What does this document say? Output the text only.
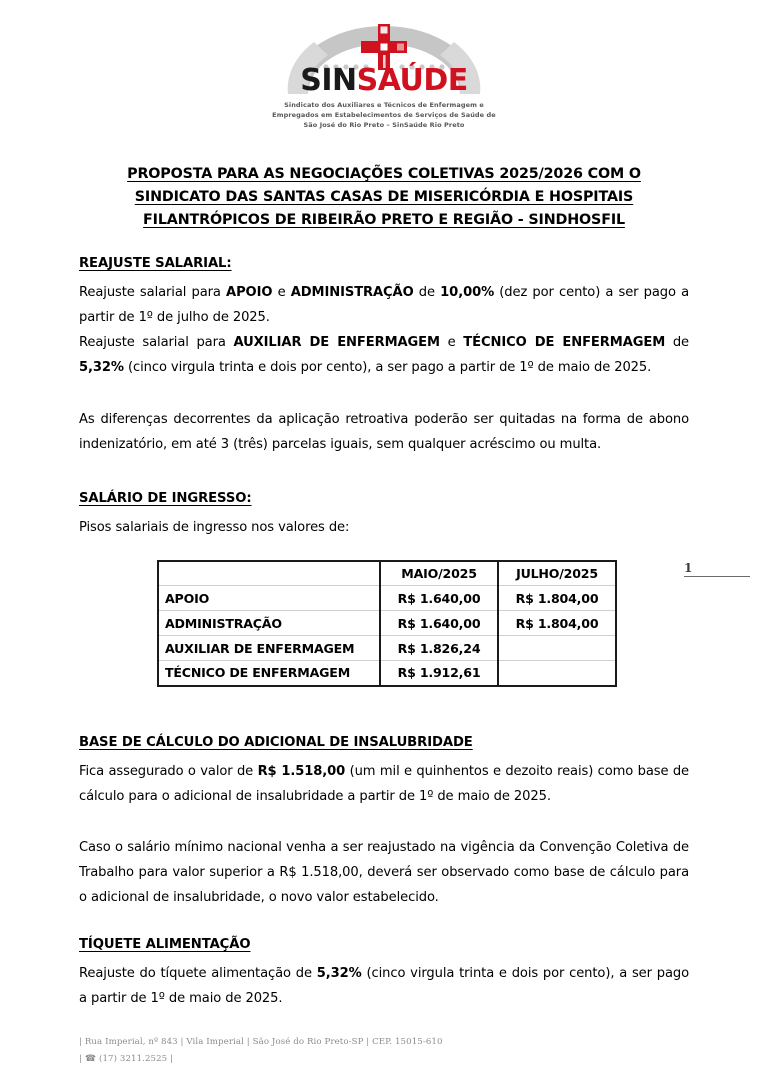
SINSAÚDE
Sindicato dos Auxiliares e Técnicos de Enfermagem e
Empregados em Estabelecimentos de Serviços de Saúde de
São José do Rio Preto – SinSaúde Rio Preto
PROPOSTA PARA AS NEGOCIAÇÕES COLETIVAS 2025/2026 COM O
SINDICATO DAS SANTAS CASAS DE MISERICÓRDIA E HOSPITAIS
FILANTRÓPICOS DE RIBEIRÃO PRETO E REGIÃO - SINDHOSFIL
REAJUSTE SALARIAL:

Reajuste salarial para APOIO e ADMINISTRAÇÃO de 10,00% (dez por cento) a ser pago a partir de 1º de julho de 2025.

Reajuste salarial para AUXILIAR DE ENFERMAGEM e TÉCNICO DE ENFERMAGEM de 5,32% (cinco virgula trinta e dois por cento), a ser pago a partir de 1º de maio de 2025.

As diferenças decorrentes da aplicação retroativa poderão ser quitadas na forma de abono indenizatório, em até 3 (três) parcelas iguais, sem qualquer acréscimo ou multa.

SALÁRIO DE INGRESSO:

Pisos salariais de ingresso nos valores de:

	MAIO/2025	JULHO/2025
APOIO	R$ 1.640,00	R$ 1.804,00
ADMINISTRAÇÃO	R$ 1.640,00	R$ 1.804,00
AUXILIAR DE ENFERMAGEM	R$ 1.826,24	
TÉCNICO DE ENFERMAGEM	R$ 1.912,61	
BASE DE CÁLCULO DO ADICIONAL DE INSALUBRIDADE

Fica assegurado o valor de R$ 1.518,00 (um mil e quinhentos e dezoito reais) como base de cálculo para o adicional de insalubridade a partir de 1º de maio de 2025.

Caso o salário mínimo nacional venha a ser reajustado na vigência da Convenção Coletiva de Trabalho para valor superior a R$ 1.518,00, deverá ser observado como base de cálculo para o adicional de insalubridade, o novo valor estabelecido.

TÍQUETE ALIMENTAÇÃO

Reajuste do tíquete alimentação de 5,32% (cinco virgula trinta e dois por cento), a ser pago a partir de 1º de maio de 2025.

1
| Rua Imperial, nº 843 | Vila Imperial | São José do Rio Preto-SP | CEP. 15015-610
| ☎ (17) 3211.2525 |
